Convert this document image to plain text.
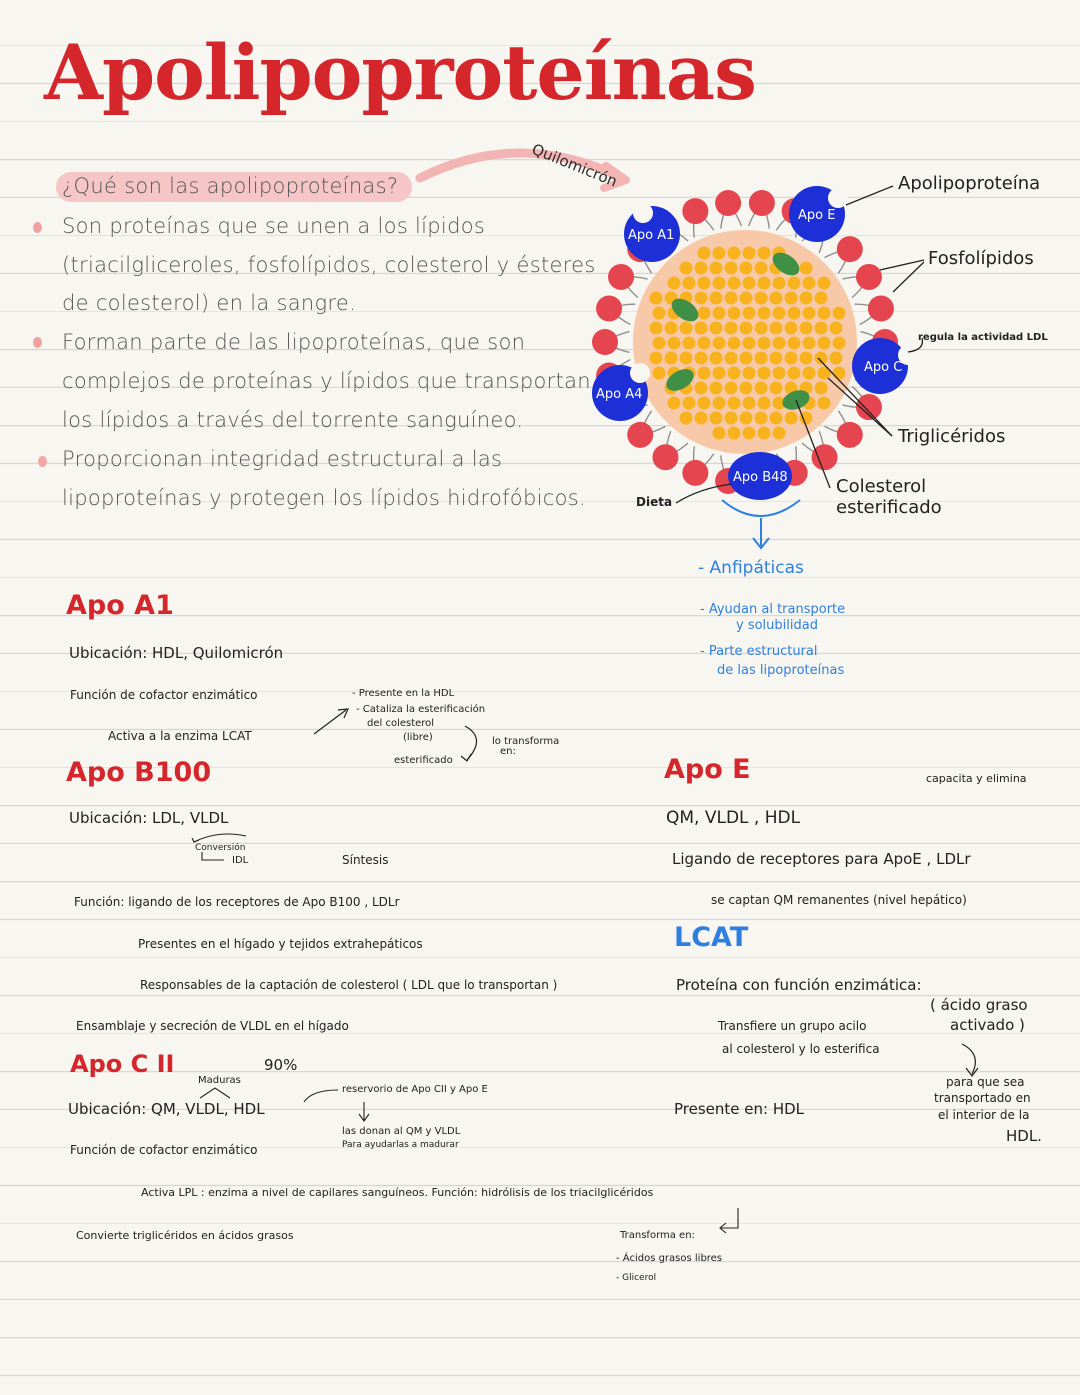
Apolipoproteínas
¿Qué son las apolipoproteínas?
Son proteínas que se unen a los lípidos
(triacilgliceroles, fosfolípidos, colesterol y ésteres
de colesterol) en la sangre.
Forman parte de las lipoproteínas, que son
complejos de proteínas y lípidos que transportan
los lípidos a través del torrente sanguíneo.
Proporcionan integridad estructural a las
lipoproteínas y protegen los lípidos hidrofóbicos.
Apo A1
Apo E
Apo C
Apo A4
Apo B48
Quilomicrón	Apolipoproteína
Fosfolípidos
regula la actividad LDL
Triglicéridos
Colesterol
esterificado
Dieta
- Anfipáticas
- Ayudan al transporte
y solubilidad
- Parte estructural
de las lipoproteínas
Apo A1
Ubicación: HDL, Quilomicrón
Función de cofactor enzimático
Activa a la enzima LCAT
- Presente en la HDL
- Cataliza la esterificación
del colesterol
(libre)
esterificado
lo transforma
en:
Apo B100
Ubicación: LDL, VLDL
Conversión
IDL	Síntesis
Función: ligando de los receptores de Apo B100 , LDLr
Presentes en el hígado y tejidos extrahepáticos
Responsables de la captación de colesterol ( LDL que lo transportan )
Ensamblaje y secreción de VLDL en el hígado
Apo C II	90%
Maduras
reservorio de Apo CII y Apo E
Ubicación: QM, VLDL, HDL
las donan al QM y VLDL
Para ayudarlas a madurar
Función de cofactor enzimático
Activa LPL : enzima a nivel de capilares sanguíneos. Función: hidrólisis de los triacilglicéridos
Convierte triglicéridos en ácidos grasos	Transforma en:
- Ácidos grasos libres
- Glicerol
Apo E	capacita y elimina
QM, VLDL , HDL
Ligando de receptores para ApoE , LDLr
se captan QM remanentes (nivel hepático)
LCAT
Proteína con función enzimática:
( ácido graso
activado )
Transfiere un grupo acilo
al colesterol y lo esterifica
para que sea
transportado en
el interior de la
HDL.
Presente en: HDL
